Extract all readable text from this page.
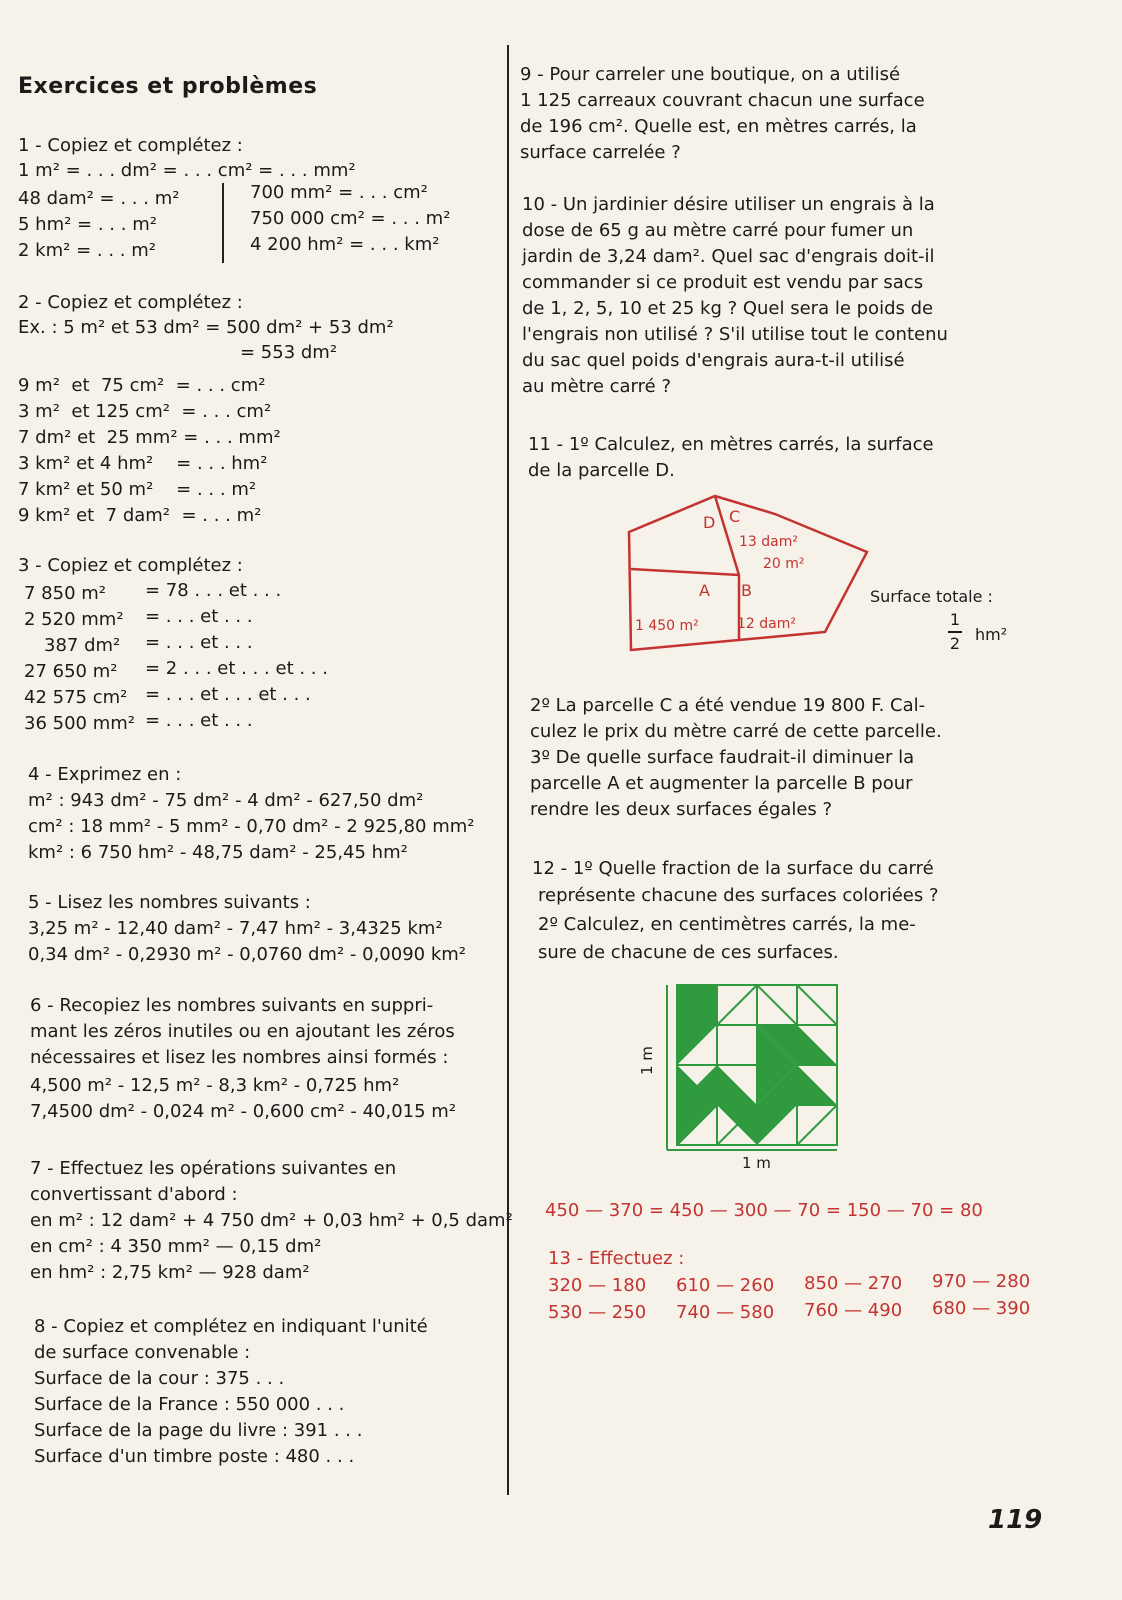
Exercices et problèmes
1 - Copiez et complétez :
1 m² = . . . dm² = . . . cm² = . . . mm²
48 dam² = . . . m²
5 hm² = . . . m²
2 km² = . . . m²
700 mm² = . . . cm²
750 000 cm² = . . . m²
4 200 hm² = . . . km²
2 - Copiez et complétez :
Ex. : 5 m² et 53 dm² = 500 dm² + 53 dm²
= 553 dm²
9 m²  et  75 cm²  = . . . cm²
3 m²  et 125 cm²  = . . . cm²
7 dm² et  25 mm² = . . . mm²
3 km² et 4 hm²    = . . . hm²
7 km² et 50 m²    = . . . m²
9 km² et  7 dam²  = . . . m²
3 - Copiez et complétez :
7 850 m² = 78 . . . et . . .
2 520 mm² = . . . et . . .
387 dm² = . . . et . . .
27 650 m² = 2 . . . et . . . et . . .
42 575 cm² = . . . et . . . et . . .
36 500 mm² = . . . et . . .
4 - Exprimez en :
m² : 943 dm² - 75 dm² - 4 dm² - 627,50 dm²
cm² : 18 mm² - 5 mm² - 0,70 dm² - 2 925,80 mm²
km² : 6 750 hm² - 48,75 dam² - 25,45 hm²
5 - Lisez les nombres suivants :
3,25 m² - 12,40 dam² - 7,47 hm² - 3,4325 km²
0,34 dm² - 0,2930 m² - 0,0760 dm² - 0,0090 km²
6 - Recopiez les nombres suivants en suppri-
mant les zéros inutiles ou en ajoutant les zéros
nécessaires et lisez les nombres ainsi formés :
4,500 m² - 12,5 m² - 8,3 km² - 0,725 hm²
7,4500 dm² - 0,024 m² - 0,600 cm² - 40,015 m²
7 - Effectuez les opérations suivantes en
convertissant d'abord :
en m² : 12 dam² + 4 750 dm² + 0,03 hm² + 0,5 dam²
en cm² : 4 350 mm² — 0,15 dm²
en hm² : 2,75 km² — 928 dam²
8 - Copiez et complétez en indiquant l'unité
de surface convenable :
Surface de la cour : 375 . . .
Surface de la France : 550 000 . . .
Surface de la page du livre : 391 . . .
Surface d'un timbre poste : 480 . . .
9 - Pour carreler une boutique, on a utilisé
1 125 carreaux couvrant chacun une surface
de 196 cm². Quelle est, en mètres carrés, la
surface carrelée ?
10 - Un jardinier désire utiliser un engrais à la
dose de 65 g au mètre carré pour fumer un
jardin de 3,24 dam². Quel sac d'engrais doit-il
commander si ce produit est vendu par sacs
de 1, 2, 5, 10 et 25 kg ? Quel sera le poids de
l'engrais non utilisé ? S'il utilise tout le contenu
du sac quel poids d'engrais aura-t-il utilisé
au mètre carré ?
11 - 1º Calculez, en mètres carrés, la surface
de la parcelle D.
D C
A B
13 dam²
20 m²
1 450 m²	12 dam²
Surface totale :
1
2 hm²
2º La parcelle C a été vendue 19 800 F. Cal-
culez le prix du mètre carré de cette parcelle.
3º De quelle surface faudrait-il diminuer la
parcelle A et augmenter la parcelle B pour
rendre les deux surfaces égales ?
12 - 1º Quelle fraction de la surface du carré
représente chacune des surfaces coloriées ?
2º Calculez, en centimètres carrés, la me-
sure de chacune de ces surfaces.
1 m
1 m
450 — 370 = 450 — 300 — 70 = 150 — 70 = 80
13 - Effectuez :
320 — 180 610 — 260 850 — 270 970 — 280
530 — 250 740 — 580 760 — 490 680 — 390
119
